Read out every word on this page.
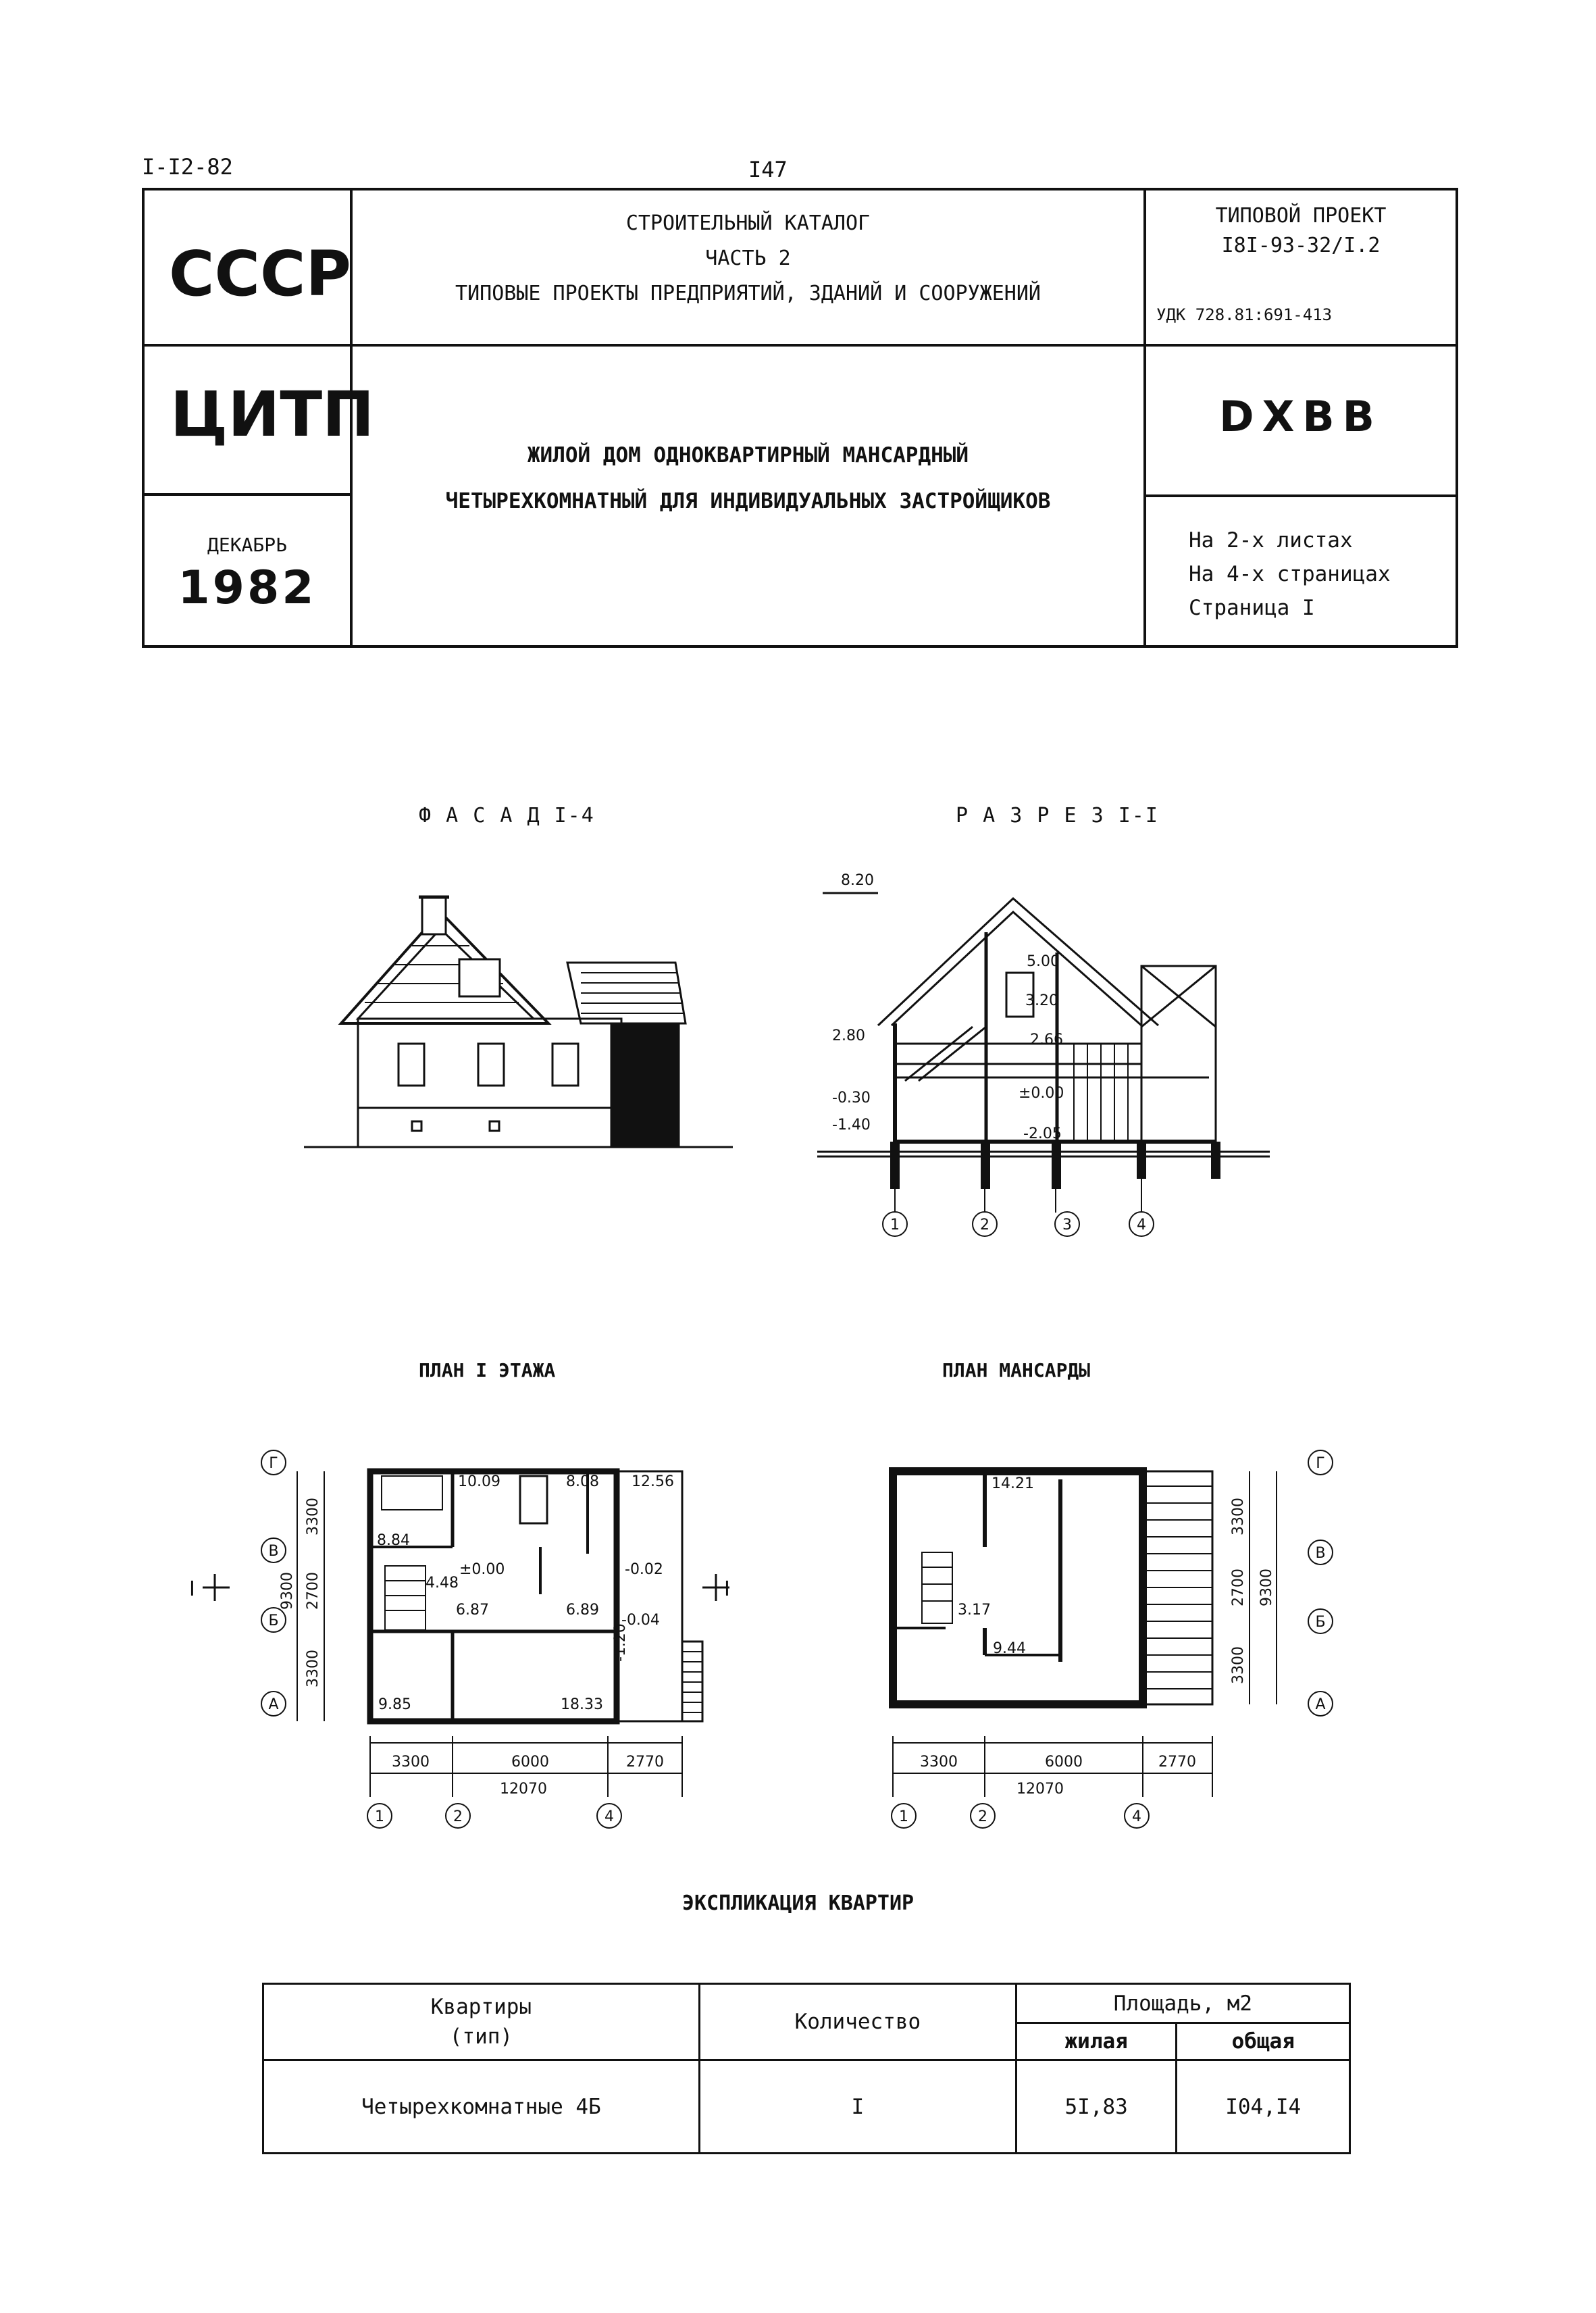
I-I2-82	I47
СССР
СТРОИТЕЛЬНЫЙ КАТАЛОГ
ЧАСТЬ 2
ТИПОВЫЕ ПРОЕКТЫ ПРЕДПРИЯТИЙ, ЗДАНИЙ И СООРУЖЕНИЙ
ТИПОВОЙ ПРОЕКТ
I8I-93-32/I.2
УДК 728.81:691-413
ЦИТП
ЖИЛОЙ ДОМ ОДНОКВАРТИРНЫЙ МАНСАРДНЫЙ
ЧЕТЫРЕХКОМНАТНЫЙ ДЛЯ ИНДИВИДУАЛЬНЫХ ЗАСТРОЙЩИКОВ
DXBB
ДЕКАБРЬ
1982
На 2-х листах
На 4-х страницах
Страница I
Ф А С А Д I-4	Р А З Р Е З I-I
1	2	3	4
8.20
5.00
3.20
2.80	2.66
-0.30	±0.00
-1.40
-2.05
ПЛАН I ЭТАЖА	ПЛАН МАНСАРДЫ
Г
В
Б
А
1	2	4
3300	6000	2770
12070
3300
2700
3300
9300
10.09	8.08 12.56
8.84
4.48
6.87	6.89
9.85	18.33
±0.00	-0.02
-0.04
-1.20
I	I
Г
В
Б
А
1	2	4
3300	6000	2770
12070
3300
2700
3300
9300
14.21
3.17
9.44
ЭКСПЛИКАЦИЯ КВАРТИР
Квартиры
(тип)	Количество	Площадь, м2	
		жилая	общая
Четырехкомнатные 4Б	I	5I,83	I04,I4
